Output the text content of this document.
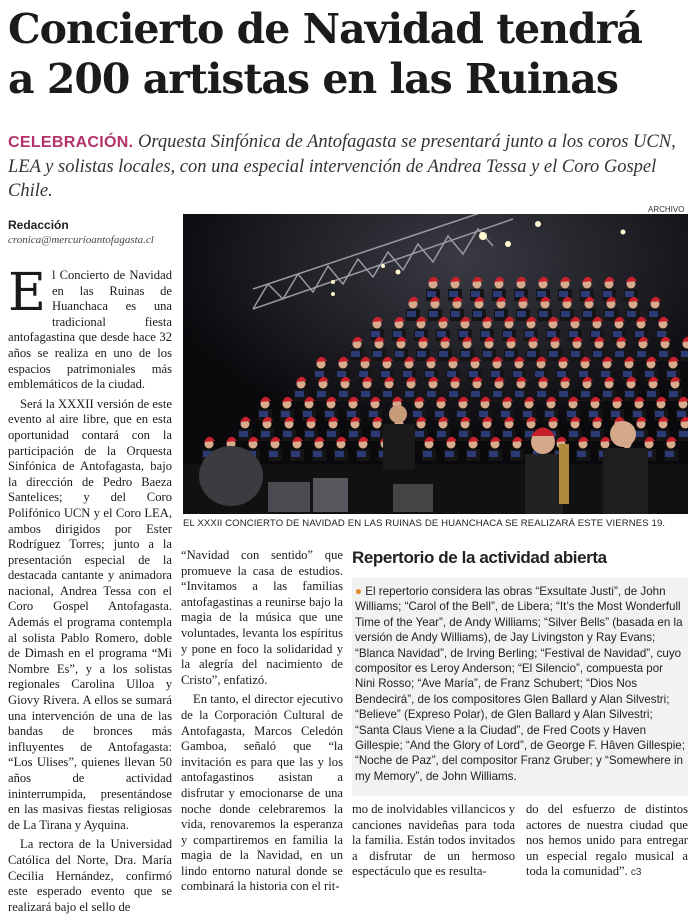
Concierto de Navidad tendrá
a 200 artistas en las Ruinas
CELEBRACIÓN. Orquesta Sinfónica de Antofagasta se presentará junto a los coros UCN, LEA y solistas locales, con una especial intervención de Andrea Tessa y el Coro Gospel Chile.
Redacción
cronica@mercurioantofagasta.cl

El Concierto de Navidad en las Ruinas de Huanchaca es una tradicional fiesta antofagastina que desde hace 32 años se realiza en uno de los espacios patrimoniales más emblemáticos de la ciudad.

Será la XXXII versión de este evento al aire libre, que en esta oportunidad contará con la participación de la Orquesta Sinfónica de Antofagasta, bajo la dirección de Pedro Baeza Santelices; y del Coro Polifónico UCN y el Coro LEA, ambos dirigidos por Ester Rodríguez Torres; junto a la presentación especial de la destacada cantante y animadora nacional, Andrea Tessa con el Coro Gospel Antofagasta. Además el programa contempla al solista Pablo Romero, doble de Dimash en el programa “Mi Nombre Es”, y a los solistas regionales Carolina Ulloa y Giovy Rivera. A ellos se sumará una intervención de una de las bandas de bronces más influyentes de Antofagasta: “Los Ulises”, quienes llevan 50 años de actividad ininterrumpida, presentándose en las masivas fiestas religiosas de La Tirana y Ayquina.

La rectora de la Universidad Católica del Norte, Dra. María Cecilia Hernández, confirmó este esperado evento que se realizará bajo el sello de

ARCHIVO
EL XXXII CONCIERTO DE NAVIDAD EN LAS RUINAS DE HUANCHACA SE REALIZARÁ ESTE VIERNES 19.

“Navidad con sentido” que promueve la casa de estudios. “Invitamos a las familias antofagastinas a reunirse bajo la magia de la música que une voluntades, levanta los espíritus y pone en foco la solidaridad y la alegría del nacimiento de Cristo”, enfatizó.

En tanto, el director ejecutivo de la Corporación Cultural de Antofagasta, Marcos Celedón Gamboa, señaló que “la invitación es para que las y los antofagastinos asistan a disfrutar y emocionarse de una noche donde celebraremos la vida, renovaremos la esperanza y compartiremos en familia la magia de la Navidad, en un lindo entorno natural donde se combinará la historia con el rit-

Repertorio de la actividad abierta
● El repertorio considera las obras “Exsultate Justi”, de John Williams; “Carol of the Bell”, de Libera; “It’s the Most Wonderfull Time of the Year”, de Andy Williams; “Silver Bells” (basada en la versión de Andy Williams), de Jay Livingston y Ray Evans; “Blanca Navidad”, de Irving Berling; “Festival de Navidad”, cuyo compositor es Leroy Anderson; “El Silencio”, compuesta por Nini Rosso; “Ave María”, de Franz Schubert; “Dios Nos Bendecirá”, de los compositores Glen Ballard y Alan Silvestri; “Believe” (Expreso Polar), de Glen Ballard y Alan Silvestri; “Santa Claus Viene a la Ciudad”, de Fred Coots y Haven Gillespie; “And the Glory of Lord”, de George F. Hâven Gillespie; “Noche de Paz”, del compositor Franz Gruber; y “Somewhere in my Memory”, de John Williams.

mo de inolvidables villancicos y canciones navideñas para toda la familia. Están todos invitados a disfrutar de un hermoso espectáculo que es resulta-

do del esfuerzo de distintos actores de nuestra ciudad que nos hemos unido para entregar un especial regalo musical a toda la comunidad”. c3
